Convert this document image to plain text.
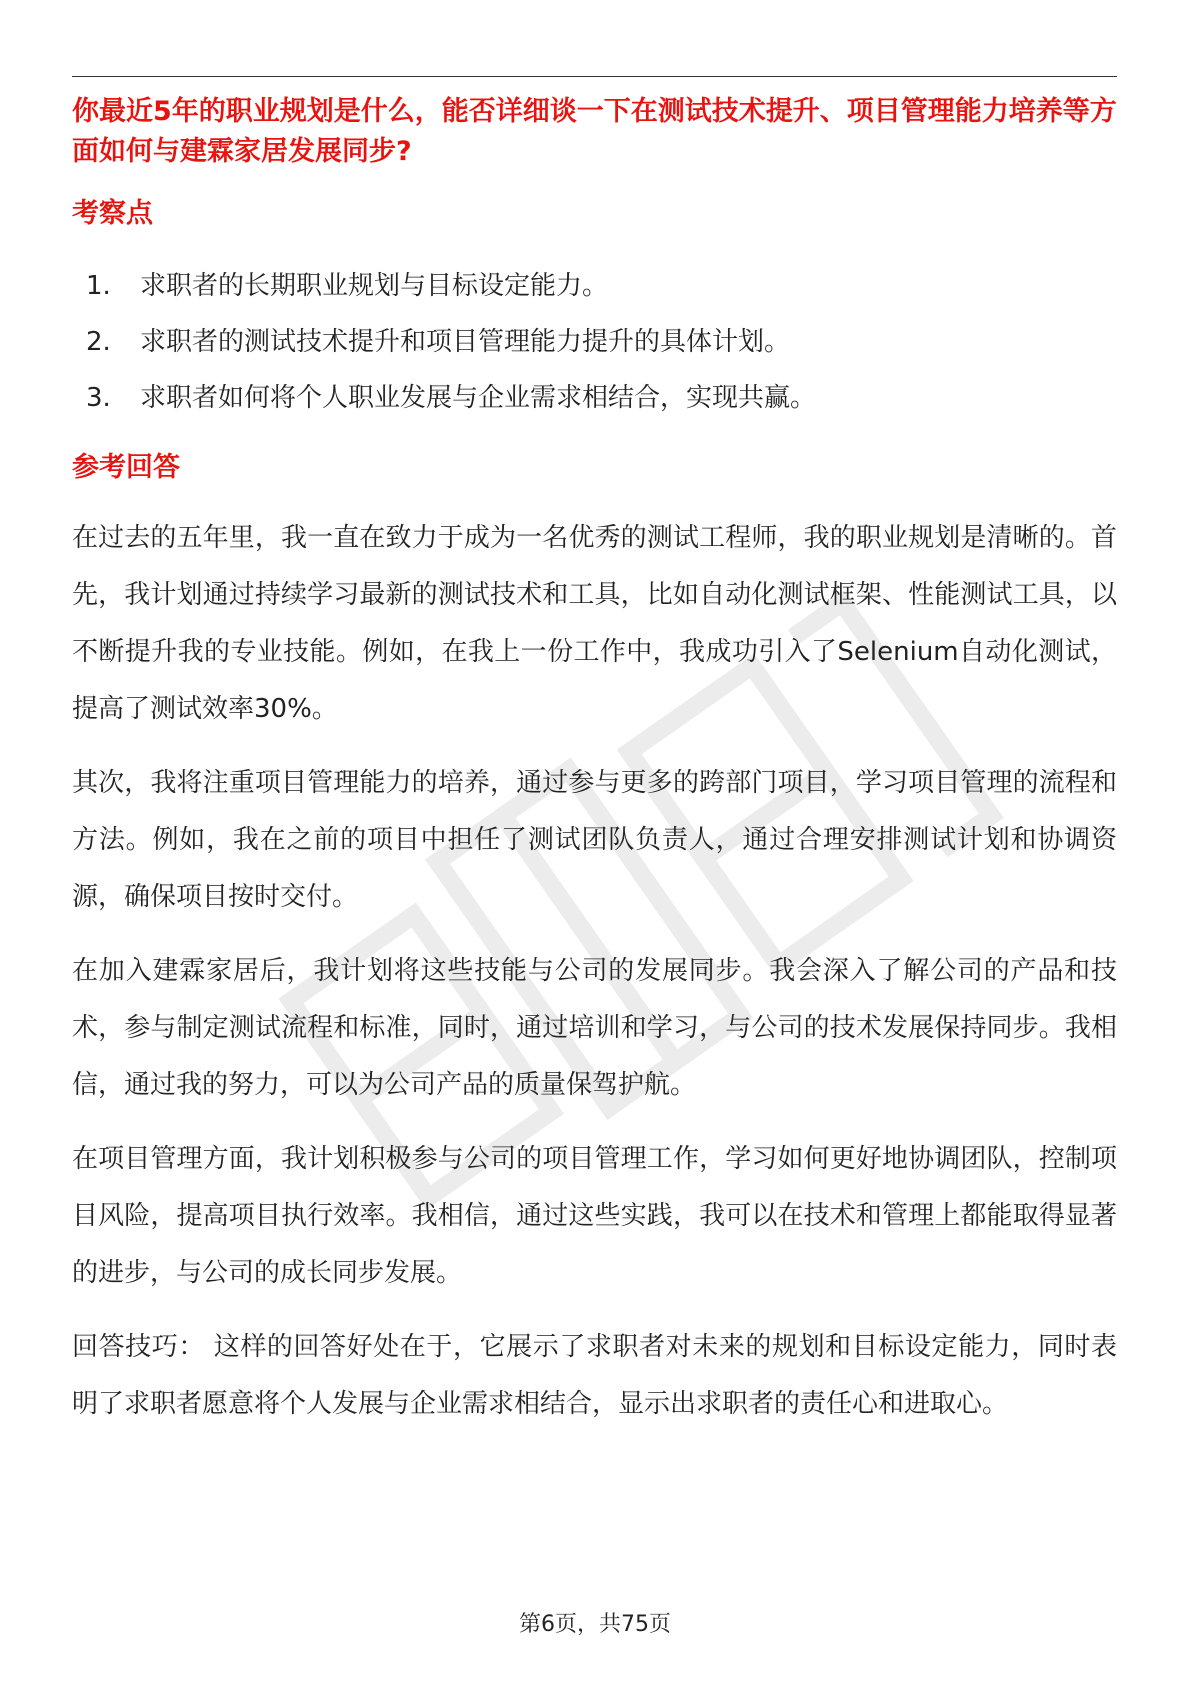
你最近5年的职业规划是什么，能否详细谈一下在测试技术提升、项目管理能力培养等方面如何与建霖家居发展同步?
考察点
1.	求职者的长期职业规划与目标设定能力。
2.	求职者的测试技术提升和项目管理能力提升的具体计划。
3.	求职者如何将个人职业发展与企业需求相结合，实现共赢。
参考回答

在过去的五年里，我一直在致力于成为一名优秀的测试工程师，我的职业规划是清晰的。首先，我计划通过持续学习最新的测试技术和工具，比如自动化测试框架、性能测试工具，以不断提升我的专业技能。例如，在我上一份工作中，我成功引入了Selenium自动化测试，提高了测试效率30%。

其次，我将注重项目管理能力的培养，通过参与更多的跨部门项目，学习项目管理的流程和方法。例如，我在之前的项目中担任了测试团队负责人，通过合理安排测试计划和协调资源，确保项目按时交付。

在加入建霖家居后，我计划将这些技能与公司的发展同步。我会深入了解公司的产品和技术，参与制定测试流程和标准，同时，通过培训和学习，与公司的技术发展保持同步。我相信，通过我的努力，可以为公司产品的质量保驾护航。

在项目管理方面，我计划积极参与公司的项目管理工作，学习如何更好地协调团队，控制项目风险，提高项目执行效率。我相信，通过这些实践，我可以在技术和管理上都能取得显著的进步，与公司的成长同步发展。

回答技巧： 这样的回答好处在于，它展示了求职者对未来的规划和目标设定能力，同时表明了求职者愿意将个人发展与企业需求相结合，显示出求职者的责任心和进取心。

第6页，共75页
